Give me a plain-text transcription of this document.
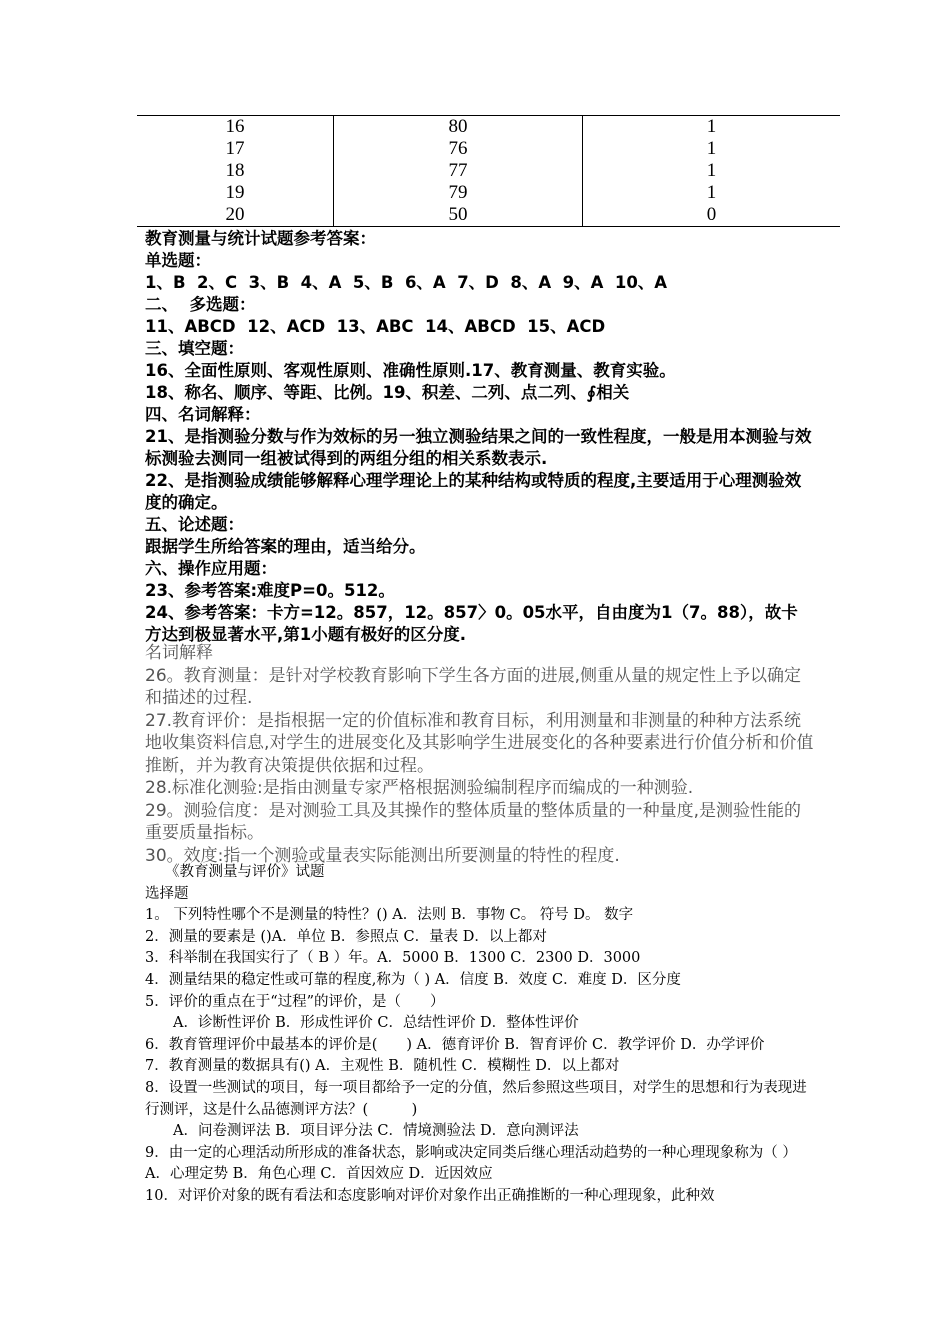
16	80	1
17	76	1
18	77	1
19	79	1
20	50	0
教育测量与统计试题参考答案：
单选题：
1、B  2、C  3、B  4、A  5、B  6、A  7、D  8、A  9、A  10、A
二、  多选题：
11、ABCD  12、ACD  13、ABC  14、ABCD  15、ACD
三、填空题：
16、全面性原则、客观性原则、准确性原则.17、教育测量、教育实验。
18、称名、顺序、等距、比例。19、积差、二列、点二列、∮相关
四、名词解释：
21、是指测验分数与作为效标的另一独立测验结果之间的一致性程度，一般是用本测验与效标测验去测同一组被试得到的两组分组的相关系数表示.
22、是指测验成绩能够解释心理学理论上的某种结构或特质的程度,主要适用于心理测验效度的确定。
五、论述题：
跟据学生所给答案的理由，适当给分。
六、操作应用题：
23、参考答案:难度P=0。512。
24、参考答案：卡方=12。857，12。857〉0。05水平，自由度为1（7。88），故卡方达到极显著水平,第1小题有极好的区分度.
名词解释
26。教育测量：是针对学校教育影响下学生各方面的进展,侧重从量的规定性上予以确定和描述的过程.
27.教育评价：是指根据一定的价值标准和教育目标，利用测量和非测量的种种方法系统地收集资料信息,对学生的进展变化及其影响学生进展变化的各种要素进行价值分析和价值推断，并为教育决策提供依据和过程。
28.标准化测验:是指由测量专家严格根据测验编制程序而编成的一种测验.
29。测验信度：是对测验工具及其操作的整体质量的整体质量的一种量度,是测验性能的重要质量指标。
30。效度:指一个测验或量表实际能测出所要测量的特性的程度.
《教育测量与评价》试题
选择题
1。 下列特性哪个不是测量的特性？() A．法则 B．事物 C。 符号 D。 数字
2．测量的要素是 ()A．单位 B．参照点 C．量表 D．以上都对
3．科举制在我国实行了（ B ）年。A．5000 B．1300 C．2300 D．3000
4．测量结果的稳定性或可靠的程度,称为（ ) A．信度 B．效度 C．难度 D．区分度
5．评价的重点在于“过程”的评价，是（　　）
A．诊断性评价 B．形成性评价 C．总结性评价 D．整体性评价
6．教育管理评价中最基本的评价是(　　) A．德育评价 B．智育评价 C．教学评价 D．办学评价
7．教育测量的数据具有() A．主观性 B．随机性 C．模糊性 D．以上都对
8．设置一些测试的项目，每一项目都给予一定的分值，然后参照这些项目，对学生的思想和行为表现进行测评，这是什么品德测评方法？(　　　)
A．问卷测评法 B．项目评分法 C．情境测验法 D．意向测评法
9．由一定的心理活动所形成的准备状态，影响或决定同类后继心理活动趋势的一种心理现象称为（ ）
A．心理定势 B．角色心理 C．首因效应 D．近因效应
10．对评价对象的既有看法和态度影响对评价对象作出正确推断的一种心理现象，此种效
